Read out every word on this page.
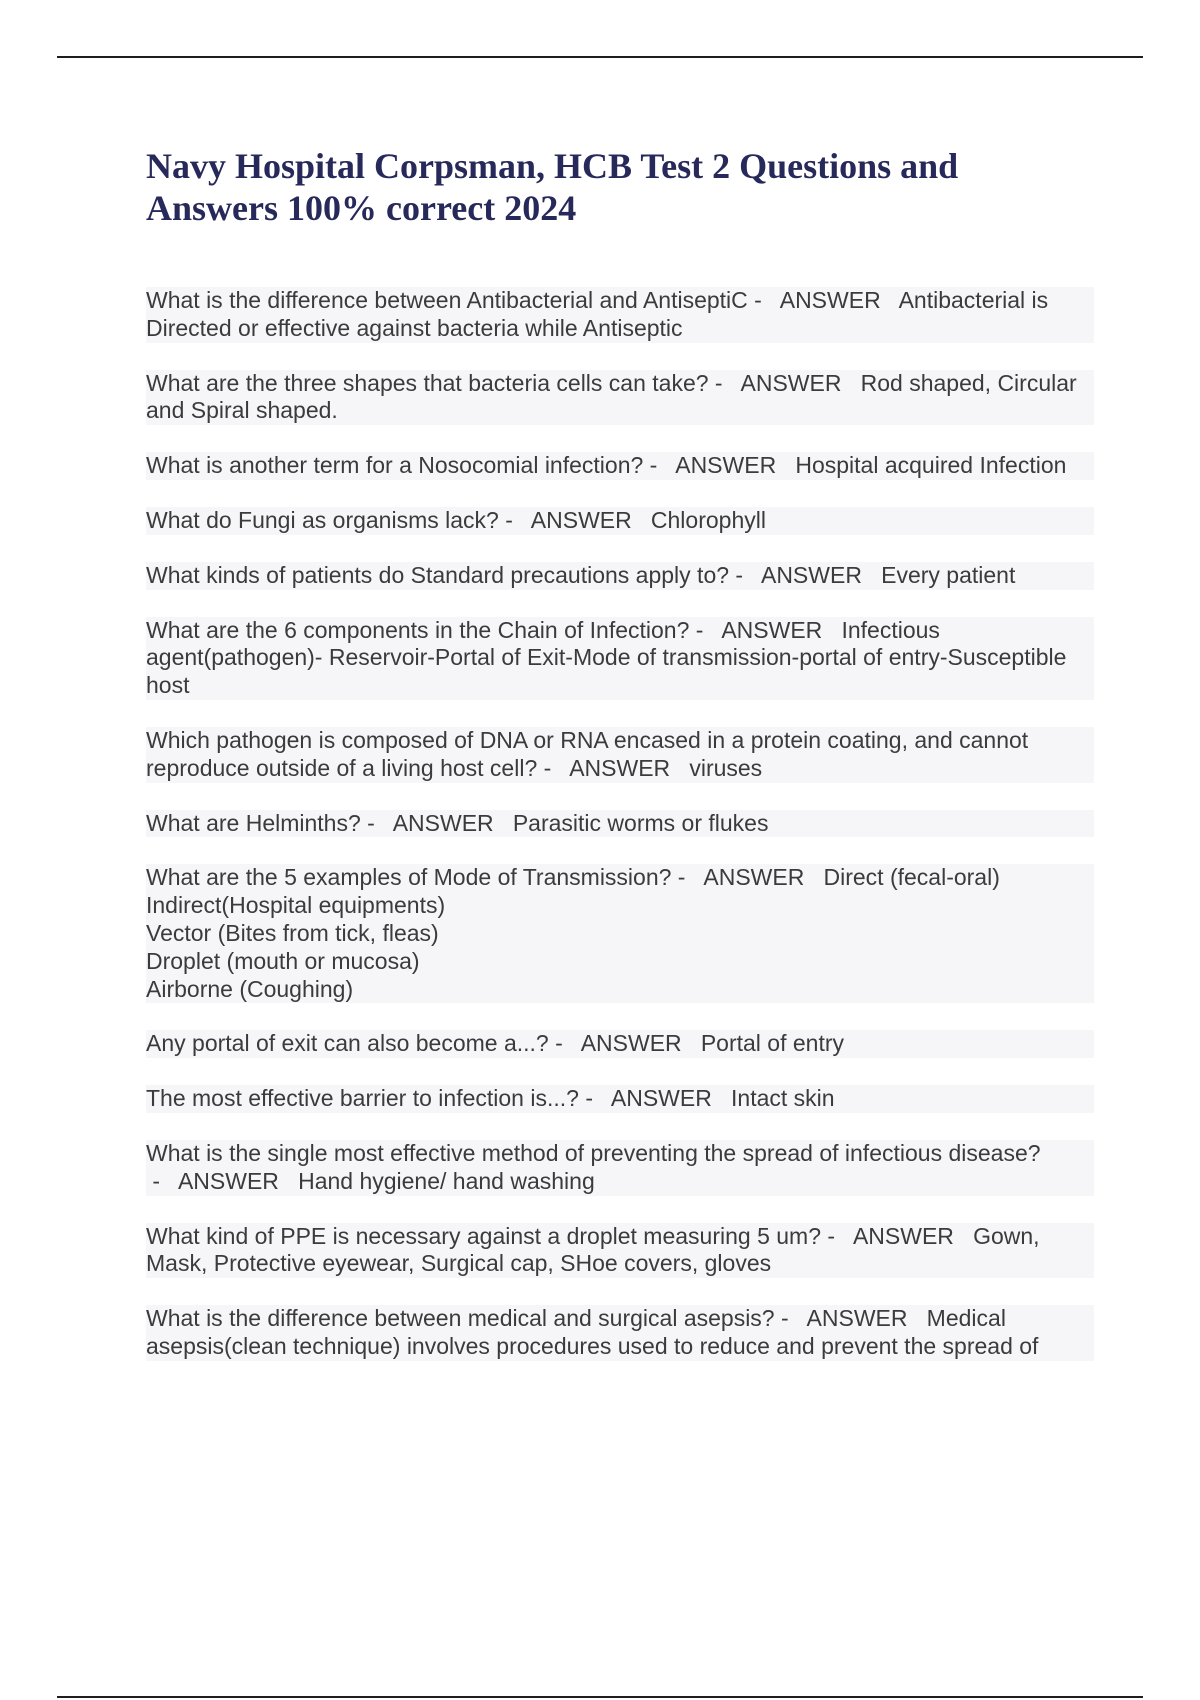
Navy Hospital Corpsman, HCB Test 2 Questions and Answers 100% correct 2024
What is the difference between Antibacterial and AntiseptiC -   ANSWER Antibacterial is Directed or effective against bacteria while Antiseptic
What are the three shapes that bacteria cells can take? -   ANSWER Rod shaped, Circular and Spiral shaped.
What is another term for a Nosocomial infection? -   ANSWER Hospital acquired Infection
What do Fungi as organisms lack? -   ANSWER Chlorophyll
What kinds of patients do Standard precautions apply to? -   ANSWER Every patient
What are the 6 components in the Chain of Infection? -   ANSWER Infectious agent(pathogen)- Reservoir-Portal of Exit-Mode of transmission-portal of entry-Susceptible host
Which pathogen is composed of DNA or RNA encased in a protein coating, and cannot reproduce outside of a living host cell? -   ANSWER viruses
What are Helminths? -   ANSWER Parasitic worms or flukes
What are the 5 examples of Mode of Transmission? -   ANSWER Direct (fecal-oral)
Indirect(Hospital equipments)
Vector (Bites from tick, fleas)
Droplet (mouth or mucosa)
Airborne (Coughing)
Any portal of exit can also become a...? -   ANSWER Portal of entry
The most effective barrier to infection is...? -   ANSWER Intact skin
What is the single most effective method of preventing the spread of infectious disease? -   ANSWER Hand hygiene/ hand washing
What kind of PPE is necessary against a droplet measuring 5 um? -   ANSWER Gown, Mask, Protective eyewear, Surgical cap, SHoe covers, gloves
What is the difference between medical and surgical asepsis? -   ANSWER Medical asepsis(clean technique) involves procedures used to reduce and prevent the spread of
